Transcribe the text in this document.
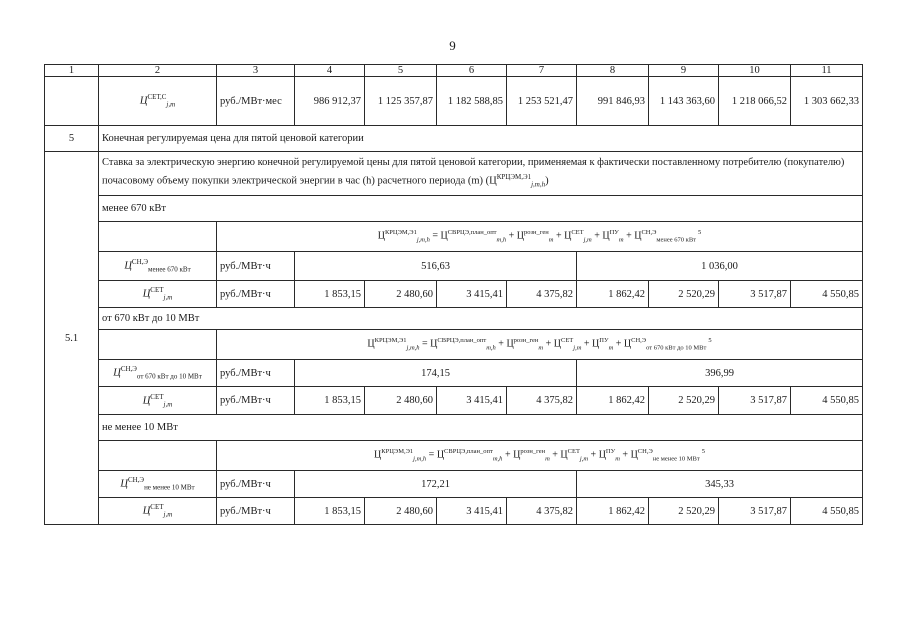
9
1	2	3	4	5	6	7	8	9	10	11
	$Ц^{СЕТ,С}_{j,m}$	руб./МВт·мес	986 912,37	1 125 357,87	1 182 588,85	1 253 521,47	991 846,93	1 143 363,60	1 218 066,52	1 303 662,33
5	Конечная регулируемая цена для пятой ценовой категории									
5.1	Ставка за электрическую энергию конечной регулируемой цены для пятой ценовой категории, применяемая к фактически поставленному потребителю (покупателю) почасовому объему покупки электрической энергии в час (h) расчетного периода (m) $(Ц^{КРЦЭМ,Э1}_{j,m,h})$									
	менее 670 кВт									
		$Ц^{КРЦЭМ,Э1}_{j,m,h} = Ц^{СВРЦЭ,план\_опт}_{m,h} + Ц^{розн\_ген}_m + Ц^{СЕТ}_{j,m} + Ц^{ПУ}_m + Ц^{СН,Э}_{менее 670 кВт}^5$
	$Ц^{СН,Э}_{менее 670 кВт}$	руб./МВт·ч	516,63				1 036,00			
	$Ц^{СЕТ}_{j,m}$	руб./МВт·ч	1 853,15	2 480,60	3 415,41	4 375,82	1 862,42	2 520,29	3 517,87	4 550,85
	от 670 кВт до 10 МВт									
		$Ц^{КРЦЭМ,Э1}_{j,m,h} = Ц^{СВРЦЭ,план\_опт}_{m,h} + Ц^{розн\_ген}_m + Ц^{СЕТ}_{j,m} + Ц^{ПУ}_m + Ц^{СН,Э}_{от 670 кВт до 10 МВт}^5$
	$Ц^{СН,Э}_{от 670 кВт до 10 МВт}$	руб./МВт·ч	174,15				396,99			
	$Ц^{СЕТ}_{j,m}$	руб./МВт·ч	1 853,15	2 480,60	3 415,41	4 375,82	1 862,42	2 520,29	3 517,87	4 550,85
	не менее 10 МВт									
		$Ц^{КРЦЭМ,Э1}_{j,m,h} = Ц^{СВРЦЭ,план\_опт}_{m,h} + Ц^{розн\_ген}_m + Ц^{СЕТ}_{j,m} + Ц^{ПУ}_m + Ц^{СН,Э}_{не менее 10 МВт}^5$
	$Ц^{СН,Э}_{не менее 10 МВт}$	руб./МВт·ч	172,21				345,33			
	$Ц^{СЕТ}_{j,m}$	руб./МВт·ч	1 853,15	2 480,60	3 415,41	4 375,82	1 862,42	2 520,29	3 517,87	4 550,85
